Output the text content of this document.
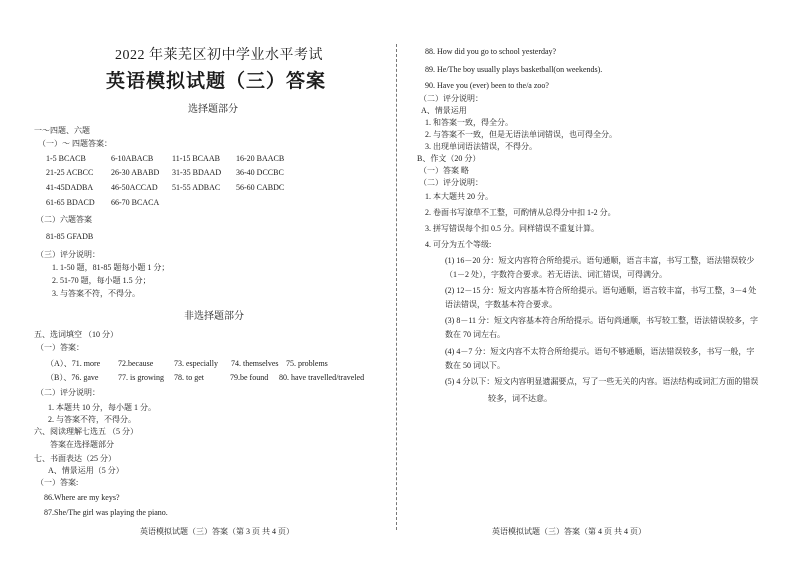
2022 年莱芜区初中学业水平考试
英语模拟试题（三）答案
选择题部分
一～四题、六题
（一）～ 四题答案：
1-5 BCACB	6-10ABACB 11-15 BCAAB 16-20 BAACB
21-25 ACBCC 26-30 ABABD 31-35 BDAAD 36-40 DCCBC
41-45DADBA 46-50ACCAD 51-55 ADBAC 56-60 CABDC
61-65 BDACD 66-70 BCACA
（二）六题答案
81-85 GFADB
（三）评分说明：
1. 1-50 题，81-85 题每小题 1 分；
2. 51-70 题，每小题 1.5 分；
3. 与答案不符，不得分。
非选择题部分
五、选词填空 （10 分）
（一）答案：
（A）、71. more 72.because	73. especially 74. themselves 75. problems
（B）、76. gave 77. is growing 78. to get	79.be found 80. have travelled/traveled
（二）评分说明：
1. 本题共 10 分，每小题 1 分。
2. 与答案不符，不得分。
六、阅读理解七选五 （5 分）
答案在选择题部分
七、书面表达（25 分）
A、情景运用（5 分）
（一）答案:
86.Where are my keys?
87.She/The girl was playing the piano.
英语模拟试题（三）答案（第 3 页 共 4 页）
88. How did you go to school yesterday?
89. He/The boy usually plays basketball(on weekends).
90. Have you (ever) been to the/a zoo?
（二）评分说明：
A、情景运用
1. 和答案一致，得全分。
2. 与答案不一致，但是无语法单词错误，也可得全分。
3. 出现单词语法错误，不得分。
B、作文（20 分）
（一）答案 略
（二）评分说明：
1. 本大题共 20 分。
2. 卷面书写潦草不工整，可酌情从总得分中扣 1-2 分。
3. 拼写错误每个扣 0.5 分。同样错误不重复计算。
4. 可分为五个等级:
(1) 16－20 分：短文内容符合所给提示。语句通顺，语言丰富，书写工整，语法错误较少
（1－2 处），字数符合要求。若无语法、词汇错误，可得满分。
(2) 12－15 分：短文内容基本符合所给提示。语句通顺，语言较丰富，书写工整，3－4 处
语法错误，字数基本符合要求。
(3) 8－11 分：短文内容基本符合所给提示。语句尚通顺，书写较工整，语法错误较多，字
数在 70 词左右。
(4) 4－7 分：短文内容不太符合所给提示。语句不够通顺，语法错误较多，书写一般，字
数在 50 词以下。
(5) 4 分以下：短文内容明显遗漏要点，写了一些无关的内容。语法结构或词汇方面的错误
较多，词不达意。
英语模拟试题（三）答案（第 4 页 共 4 页）
